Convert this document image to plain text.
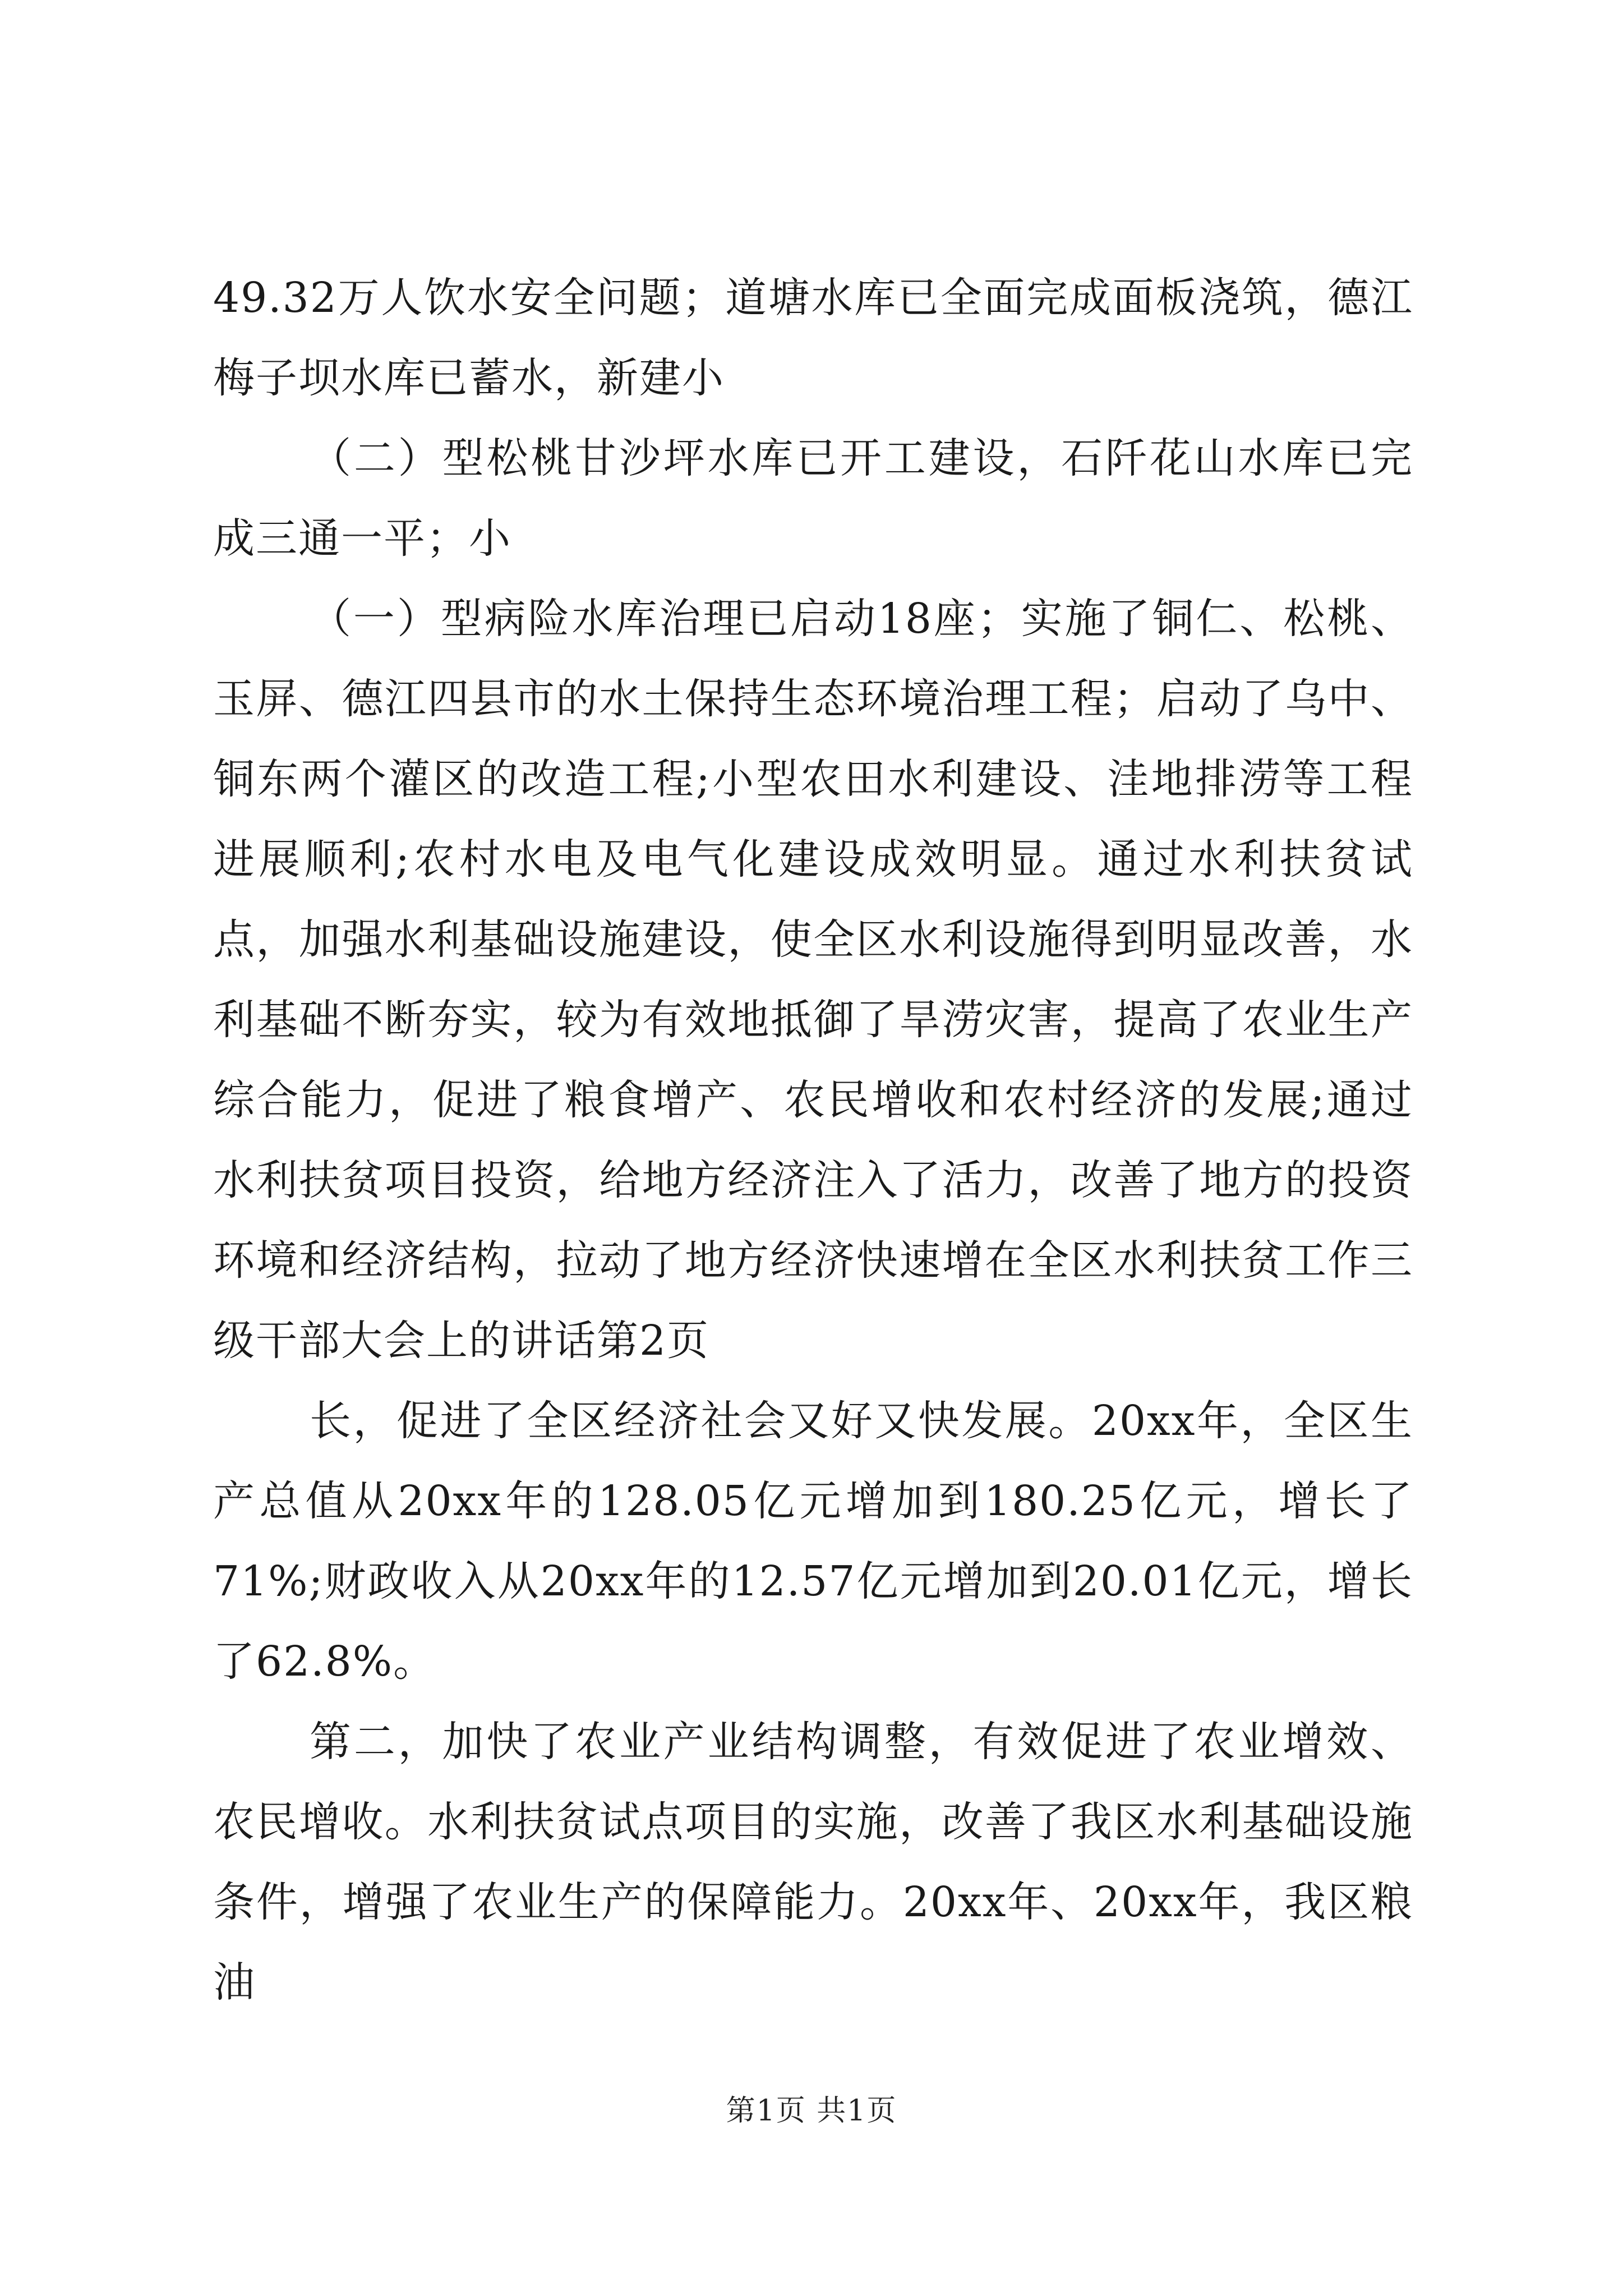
49.32万人饮水安全问题；道塘水库已全面完成面板浇筑，德江梅子坝水库已蓄水，新建小

（二）型松桃甘沙坪水库已开工建设，石阡花山水库已完成三通一平；小

（一）型病险水库治理已启动18座；实施了铜仁、松桃、玉屏、德江四县市的水土保持生态环境治理工程；启动了乌中、铜东两个灌区的改造工程;小型农田水利建设、洼地排涝等工程进展顺利;农村水电及电气化建设成效明显。通过水利扶贫试点，加强水利基础设施建设，使全区水利设施得到明显改善，水利基础不断夯实，较为有效地抵御了旱涝灾害，提高了农业生产综合能力，促进了粮食增产、农民增收和农村经济的发展;通过水利扶贫项目投资，给地方经济注入了活力，改善了地方的投资环境和经济结构，拉动了地方经济快速增在全区水利扶贫工作三级干部大会上的讲话第2页

长，促进了全区经济社会又好又快发展。20xx年，全区生产总值从20xx年的128.05亿元增加到180.25亿元，增长了71%;财政收入从20xx年的12.57亿元增加到20.01亿元，增长了62.8%。

第二，加快了农业产业结构调整，有效促进了农业增效、农民增收。水利扶贫试点项目的实施，改善了我区水利基础设施条件，增强了农业生产的保障能力。20xx年、20xx年，我区粮油

第1页 共1页
